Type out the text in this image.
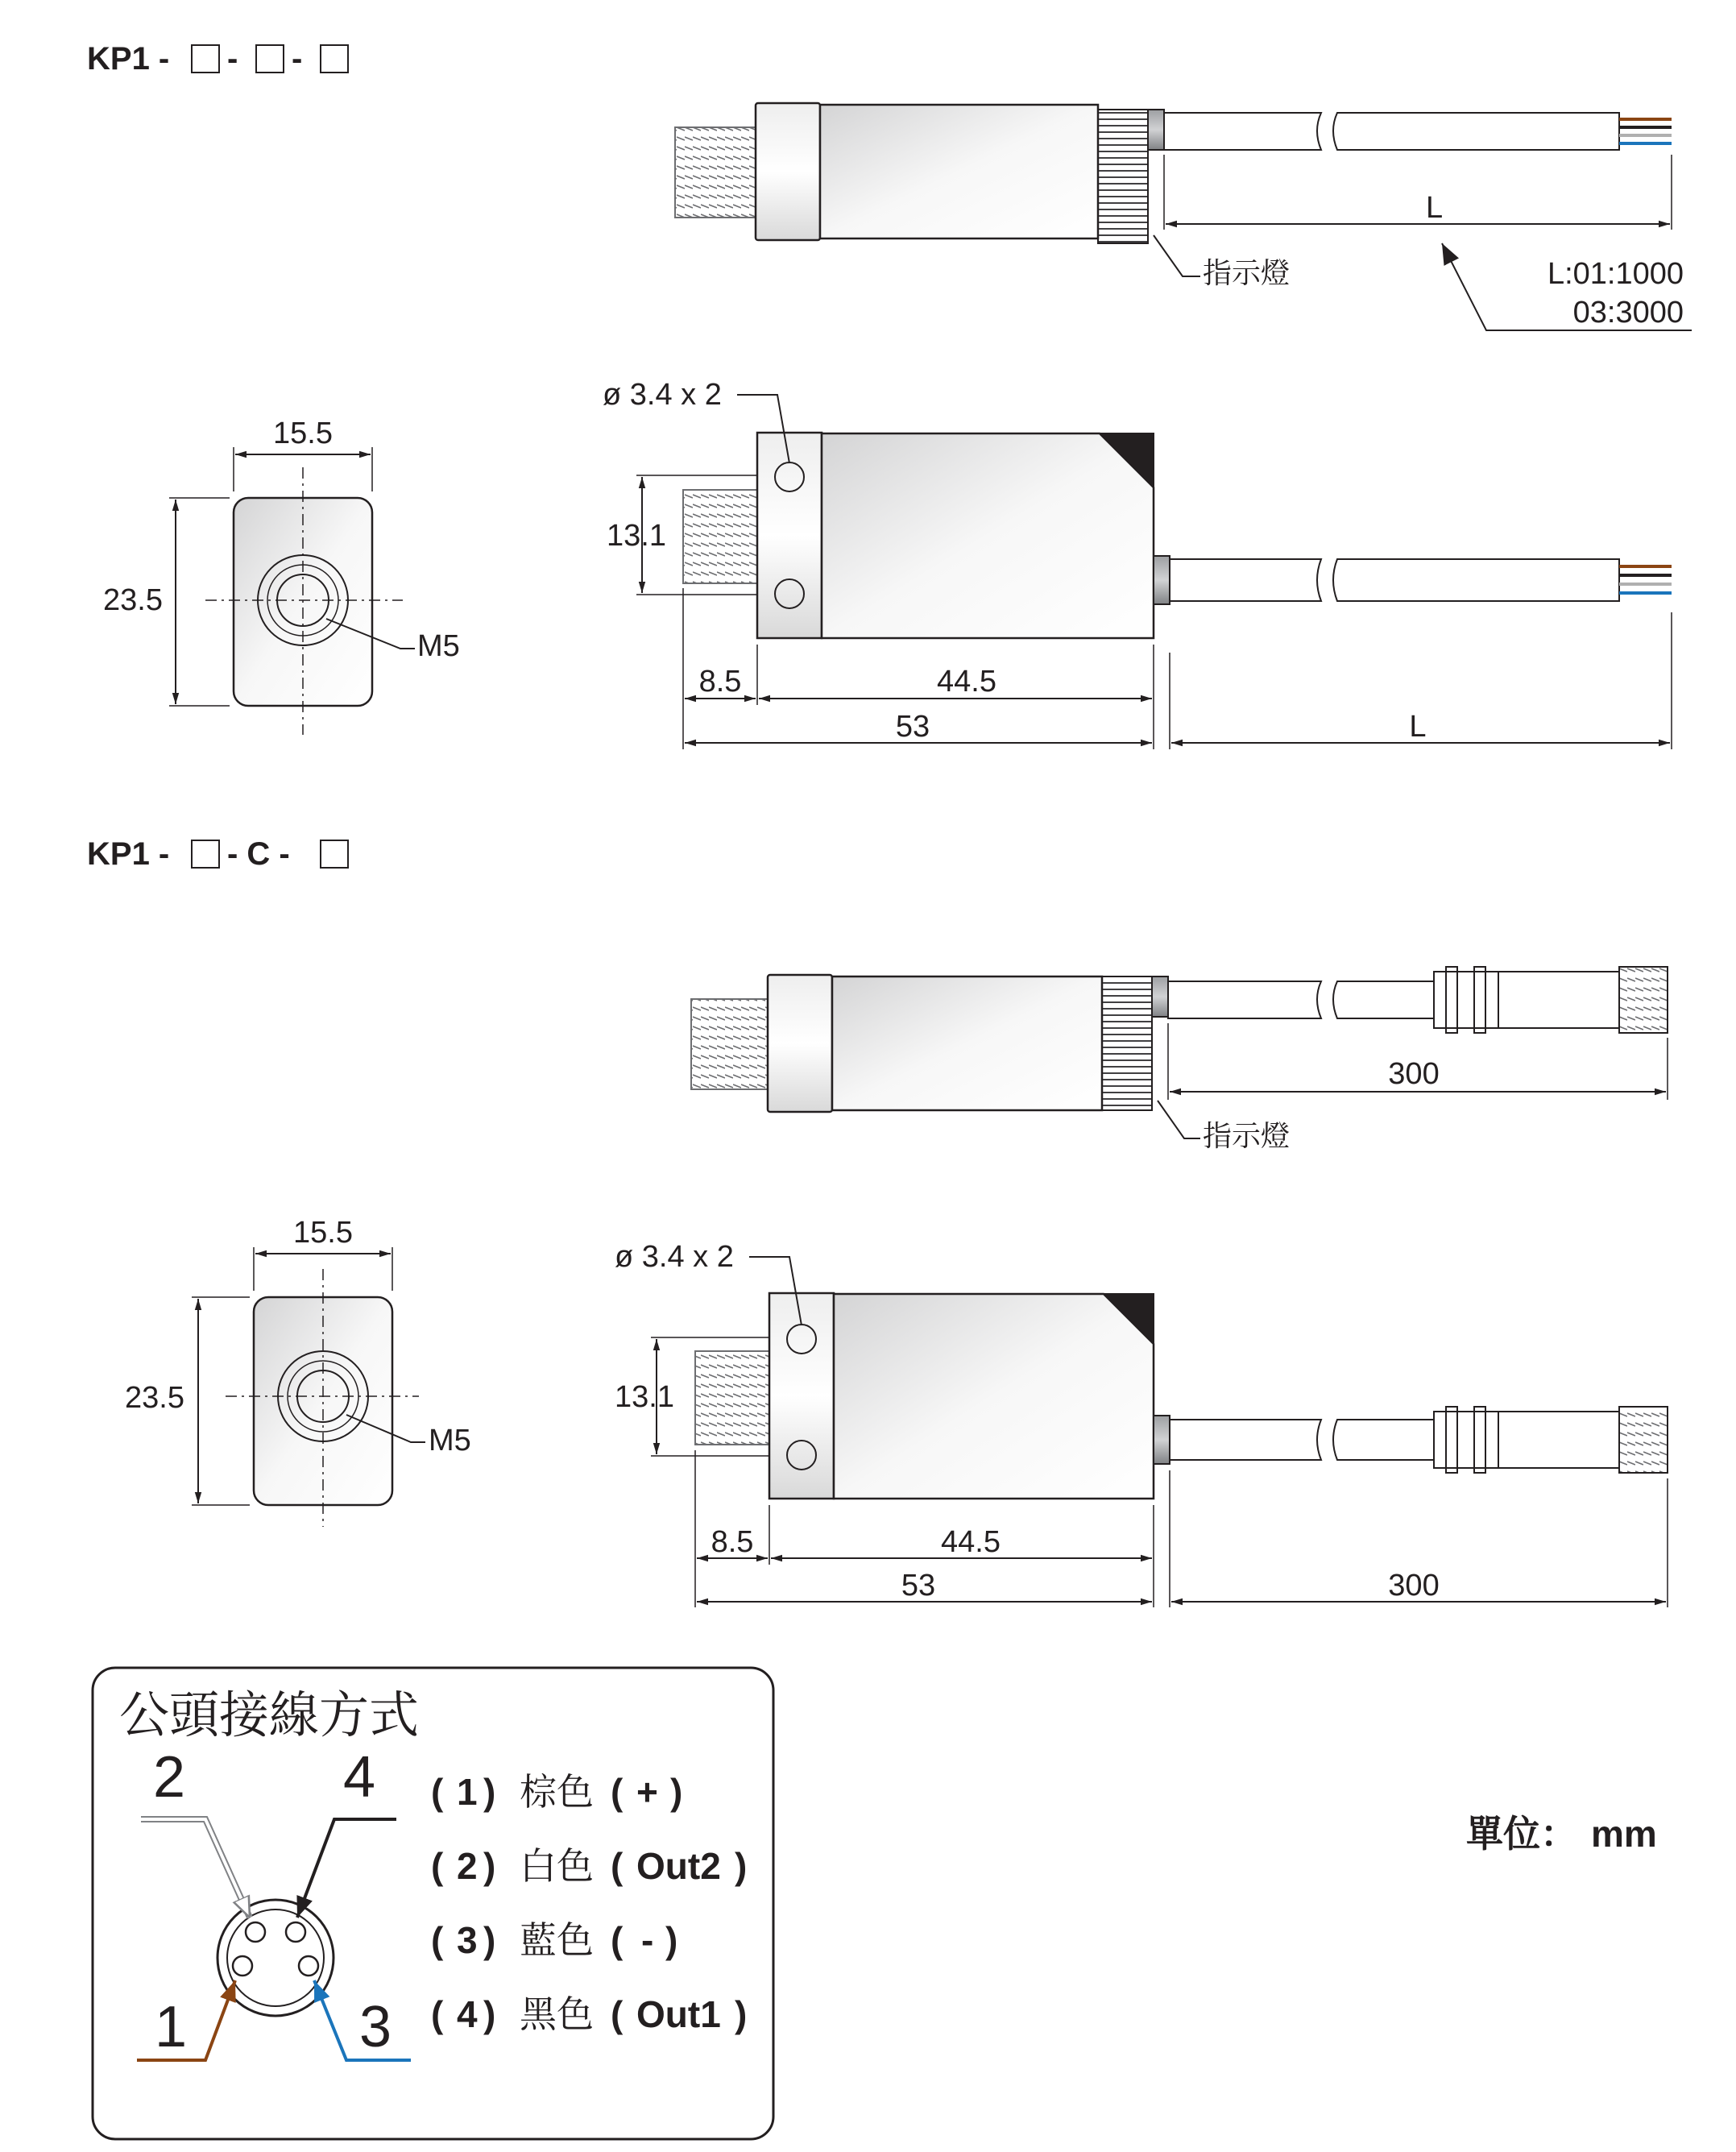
KP1 - - -
指示燈
L
L:01:1000
03:3000
M5
15.5
23.5
ø 3.4 x 2
13.1
8.5	44.5
53	L
KP1 - - C -
指示燈
300
M5
15.5
23.5
ø 3.4 x 2
13.1
8.5	44.5
53	300
公頭接線方式
2	4
1	3
( 1 ) 棕色 ( + )
( 2 ) 白色 ( Out2 )
( 3 ) 藍色 ( - )
( 4 ) 黑色 ( Out1 )
單位： mm
